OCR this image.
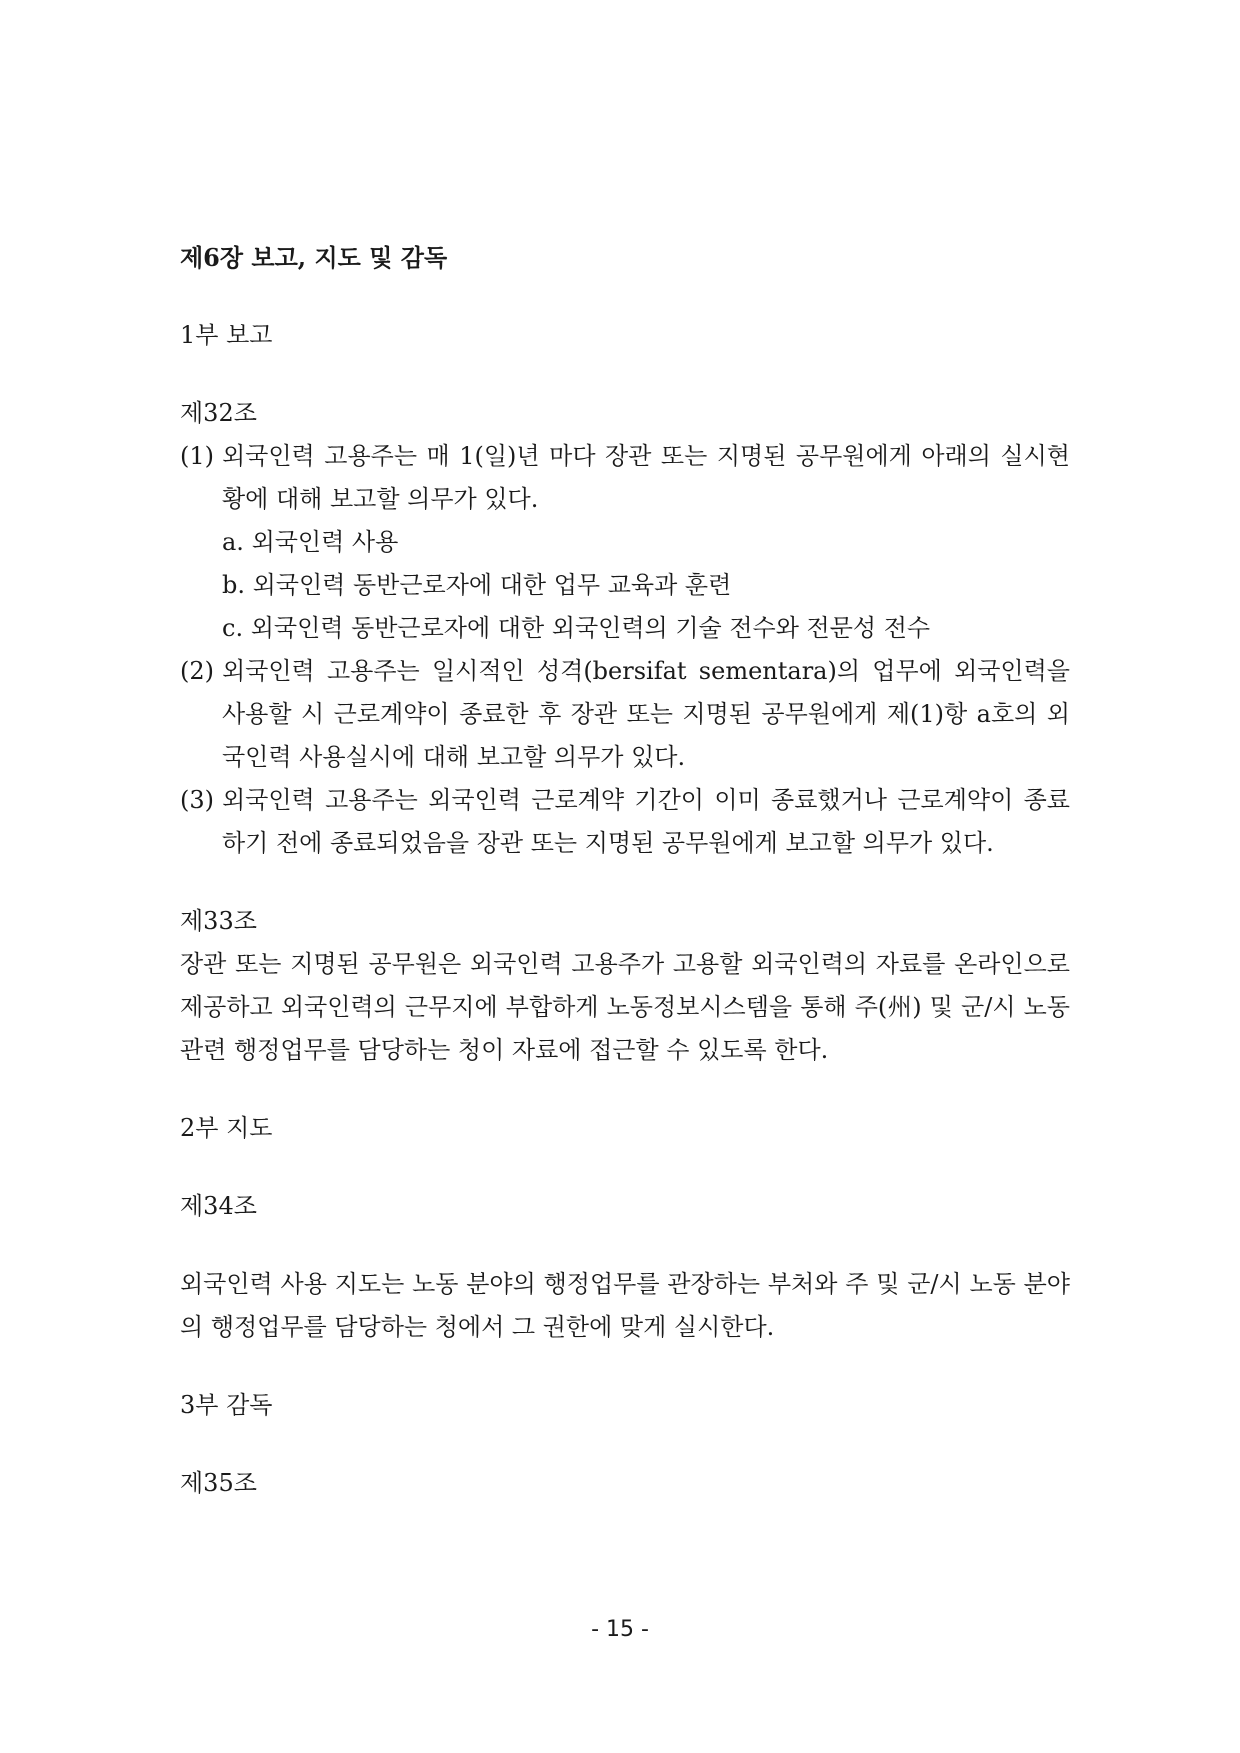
제6장 보고, 지도 및 감독

1부 보고

제32조

(1) 외국인력 고용주는 매 1(일)년 마다 장관 또는 지명된 공무원에게 아래의 실시현황에 대해 보고할 의무가 있다.

a. 외국인력 사용

b. 외국인력 동반근로자에 대한 업무 교육과 훈련

c. 외국인력 동반근로자에 대한 외국인력의 기술 전수와 전문성 전수

(2) 외국인력 고용주는 일시적인 성격(bersifat sementara)의 업무에 외국인력을 사용할 시 근로계약이 종료한 후 장관 또는 지명된 공무원에게 제(1)항 a호의 외국인력 사용실시에 대해 보고할 의무가 있다.
(3) 외국인력 고용주는 외국인력 근로계약 기간이 이미 종료했거나 근로계약이 종료하기 전에 종료되었음을 장관 또는 지명된 공무원에게 보고할 의무가 있다.

제33조

장관 또는 지명된 공무원은 외국인력 고용주가 고용할 외국인력의 자료를 온라인으로 제공하고 외국인력의 근무지에 부합하게 노동정보시스템을 통해 주(州) 및 군/시 노동관련 행정업무를 담당하는 청이 자료에 접근할 수 있도록 한다.

2부 지도

제34조

외국인력 사용 지도는 노동 분야의 행정업무를 관장하는 부처와 주 및 군/시 노동 분야의 행정업무를 담당하는 청에서 그 권한에 맞게 실시한다.

3부 감독

제35조

- 15 -
